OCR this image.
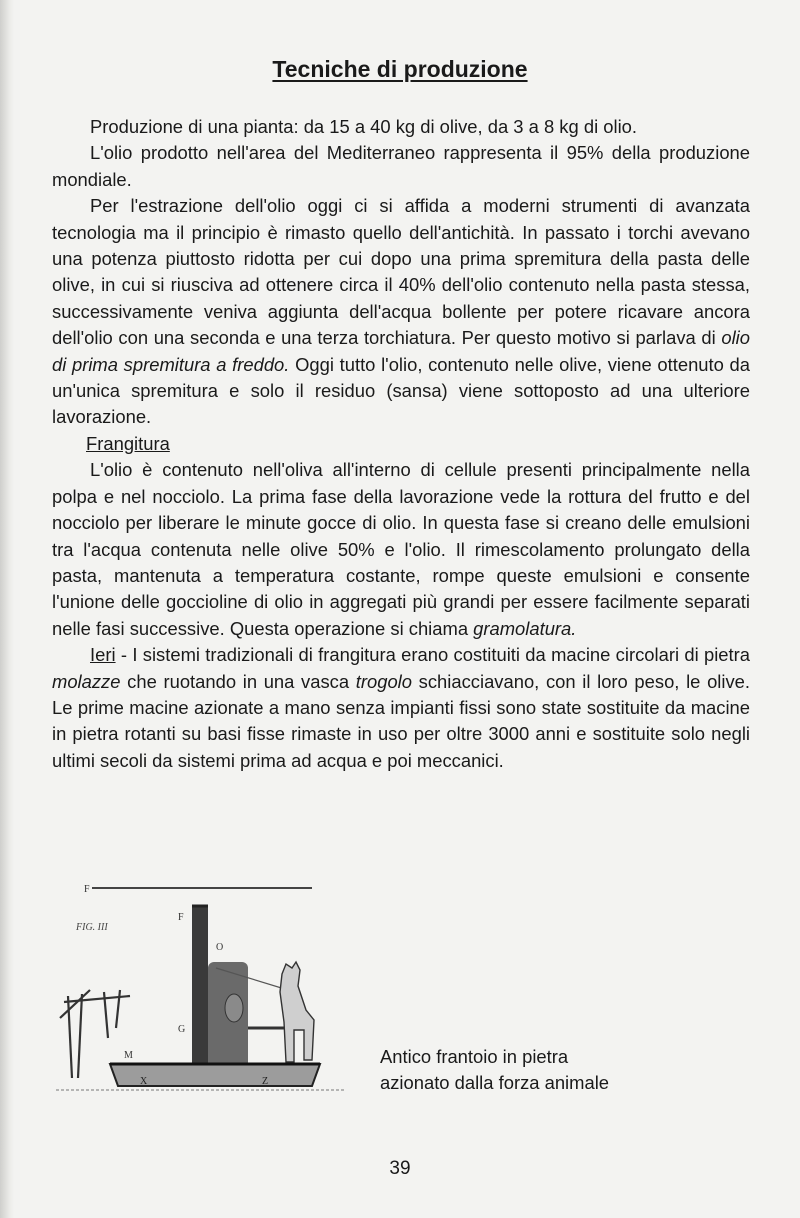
Tecniche di produzione

Produzione di una pianta: da 15 a 40 kg di olive, da 3 a 8 kg di olio.

L'olio prodotto nell'area del Mediterraneo rappresenta il 95% della produzione mondiale.

Per l'estrazione dell'olio oggi ci si affida a moderni strumenti di avanzata tecnologia ma il principio è rimasto quello dell'antichità. In passato i torchi avevano una potenza piuttosto ridotta per cui dopo una prima spremitura della pasta delle olive, in cui si riusciva ad ottenere circa il 40% dell'olio contenuto nella pasta stessa, successivamente veniva aggiunta dell'acqua bollente per potere ricavare ancora dell'olio con una seconda e una terza torchiatura. Per questo motivo si parlava di olio di prima spremitura a freddo. Oggi tutto l'olio, contenuto nelle olive, viene ottenuto da un'unica spremitura e solo il residuo (sansa) viene sottoposto ad una ulteriore lavorazione.

Frangitura

L'olio è contenuto nell'oliva all'interno di cellule presenti principalmente nella polpa e nel nocciolo. La prima fase della lavorazione vede la rottura del frutto e del nocciolo per liberare le minute gocce di olio. In questa fase si creano delle emulsioni tra l'acqua contenuta nelle olive 50% e l'olio. Il rimescolamento prolungato della pasta, mantenuta a temperatura costante, rompe queste emulsioni e consente l'unione delle goccioline di olio in aggregati più grandi per essere facilmente separati nelle fasi successive. Questa operazione si chiama gramolatura.

Ieri - I sistemi tradizionali di frangitura erano costituiti da macine circolari di pietra molazze che ruotando in una vasca trogolo schiacciavano, con il loro peso, le olive. Le prime macine azionate a mano senza impianti fissi sono state sostituite da macine in pietra rotanti su basi fisse rimaste in uso per oltre 3000 anni e sostituite solo negli ultimi secoli da sistemi prima ad acqua e poi meccanici.

F
FIG. III
F
O
G
M
X	Z
Antico frantoio in pietra
azionato dalla forza animale
39
